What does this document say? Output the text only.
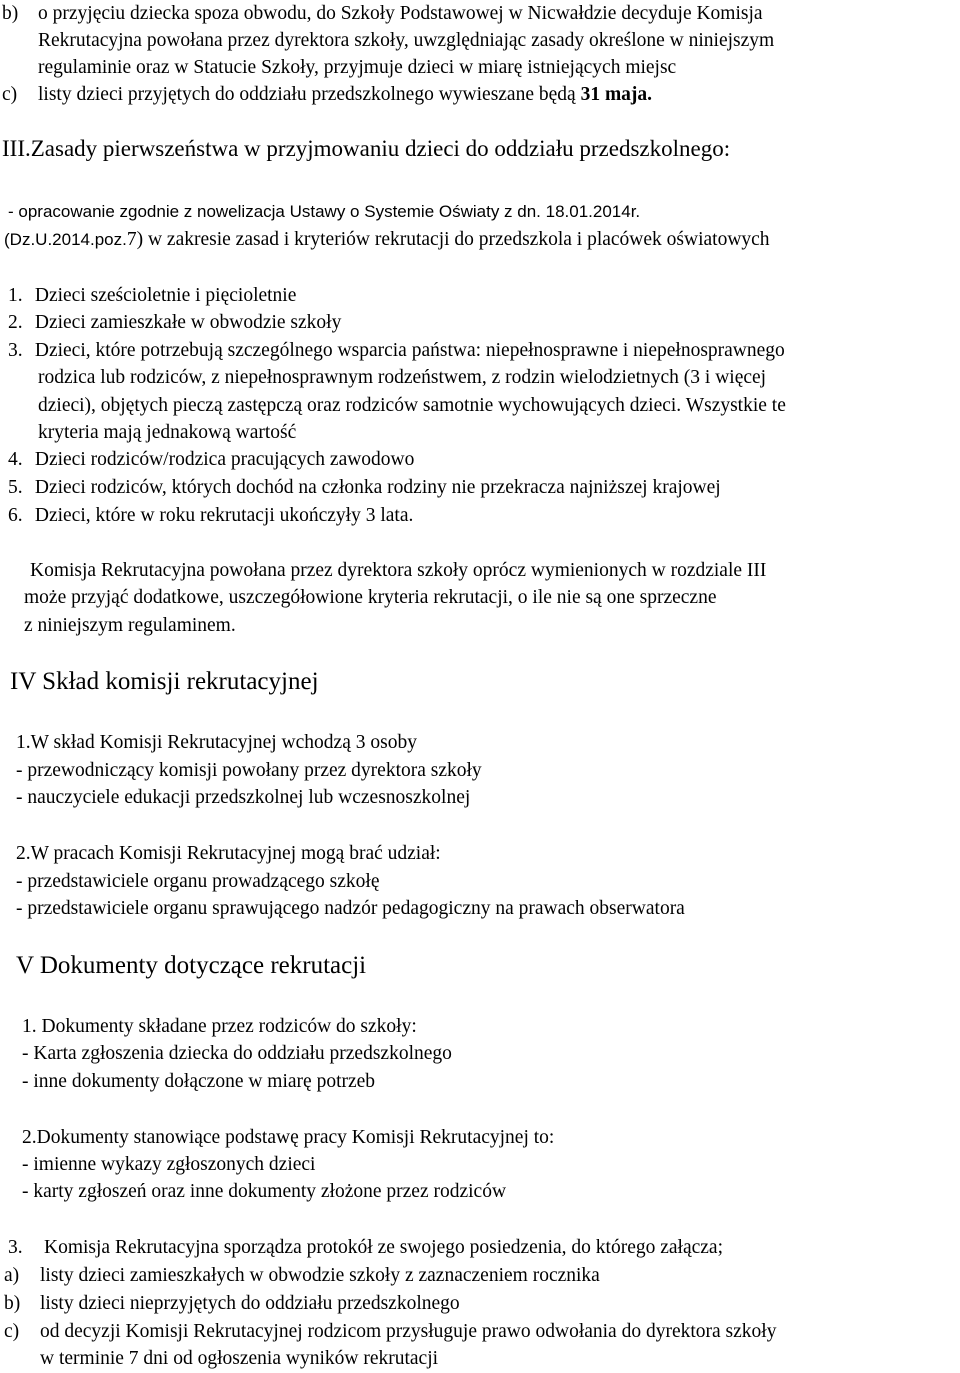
b) o przyjęciu dziecka spoza obwodu, do Szkoły Podstawowej w Nicwałdzie decyduje Komisja
Rekrutacyjna powołana przez dyrektora szkoły, uwzględniając zasady określone w niniejszym
regulaminie oraz w Statucie Szkoły, przyjmuje dzieci w miarę istniejących miejsc
c) listy dzieci przyjętych do oddziału przedszkolnego wywieszane będą 31 maja.
III.Zasady pierwszeństwa w przyjmowaniu dzieci do oddziału przedszkolnego:
- opracowanie zgodnie z nowelizacja Ustawy o Systemie Oświaty z dn. 18.01.2014r.
(Dz.U.2014.poz.7) w zakresie zasad i kryteriów rekrutacji do przedszkola i placówek oświatowych
1. Dzieci sześcioletnie i pięcioletnie
2. Dzieci zamieszkałe w obwodzie szkoły
3. Dzieci, które potrzebują szczególnego wsparcia państwa: niepełnosprawne i niepełnosprawnego
rodzica lub rodziców, z niepełnosprawnym rodzeństwem, z rodzin wielodzietnych (3 i więcej
dzieci), objętych pieczą zastępczą oraz rodziców samotnie wychowujących dzieci. Wszystkie te
kryteria mają jednakową wartość
4. Dzieci rodziców/rodzica pracujących zawodowo
5. Dzieci rodziców, których dochód na członka rodziny nie przekracza najniższej krajowej
6. Dzieci, które w roku rekrutacji ukończyły 3 lata.
Komisja Rekrutacyjna powołana przez dyrektora szkoły oprócz wymienionych w rozdziale III
może przyjąć dodatkowe, uszczegółowione kryteria rekrutacji, o ile nie są one sprzeczne
z niniejszym regulaminem.
IV Skład komisji rekrutacyjnej
1.W skład Komisji Rekrutacyjnej wchodzą 3 osoby
- przewodniczący komisji powołany przez dyrektora szkoły
- nauczyciele edukacji przedszkolnej lub wczesnoszkolnej
2.W pracach Komisji Rekrutacyjnej mogą brać udział:
- przedstawiciele organu prowadzącego szkołę
- przedstawiciele organu sprawującego nadzór pedagogiczny na prawach obserwatora
V Dokumenty dotyczące rekrutacji
1. Dokumenty składane przez rodziców do szkoły:
- Karta zgłoszenia dziecka do oddziału przedszkolnego
- inne dokumenty dołączone w miarę potrzeb
2.Dokumenty stanowiące podstawę pracy Komisji Rekrutacyjnej to:
- imienne wykazy zgłoszonych dzieci
- karty zgłoszeń oraz inne dokumenty złożone przez rodziców
3. Komisja Rekrutacyjna sporządza protokół ze swojego posiedzenia, do którego załącza;
a) listy dzieci zamieszkałych w obwodzie szkoły z zaznaczeniem rocznika
b) listy dzieci nieprzyjętych do oddziału przedszkolnego
c) od decyzji Komisji Rekrutacyjnej rodzicom przysługuje prawo odwołania do dyrektora szkoły
w terminie 7 dni od ogłoszenia wyników rekrutacji
